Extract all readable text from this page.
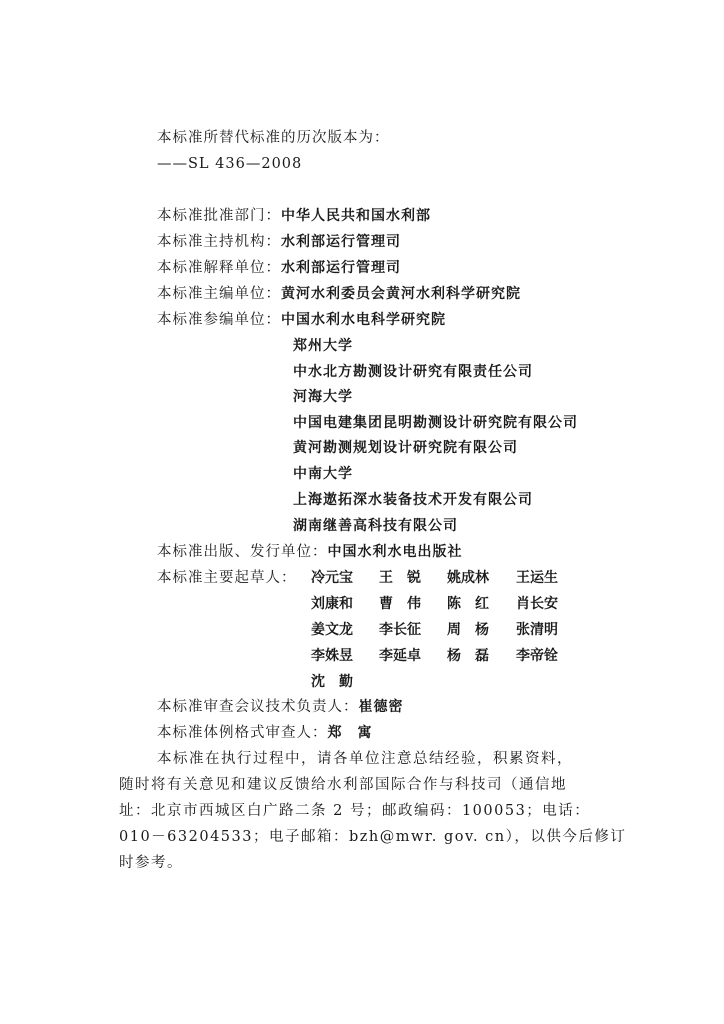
本标准所替代标准的历次版本为：
——SL 436—2008
本标准批准部门：中华人民共和国水利部
本标准主持机构：水利部运行管理司
本标准解释单位：水利部运行管理司
本标准主编单位：黄河水利委员会黄河水利科学研究院
本标准参编单位：中国水利水电科学研究院
郑州大学
中水北方勘测设计研究有限责任公司
河海大学
中国电建集团昆明勘测设计研究院有限公司
黄河勘测规划设计研究院有限公司
中南大学
上海遨拓深水装备技术开发有限公司
湖南继善高科技有限公司
本标准出版、发行单位：中国水利水电出版社
本标准主要起草人： 冷元宝 王　锐 姚成林 王运生
刘康和 曹　伟 陈　红 肖长安
姜文龙 李长征 周　杨 张清明
李姝昱 李延卓 杨　磊 李帝铨
沈　勤
本标准审查会议技术负责人：崔德密
本标准体例格式审查人：郑　寓
本标准在执行过程中，请各单位注意总结经验，积累资料，
随时将有关意见和建议反馈给水利部国际合作与科技司（通信地
址：北京市西城区白广路二条 2 号；邮政编码：100053；电话：
010－63204533；电子邮箱：bzh@mwr. gov. cn），以供今后修订
时参考。
